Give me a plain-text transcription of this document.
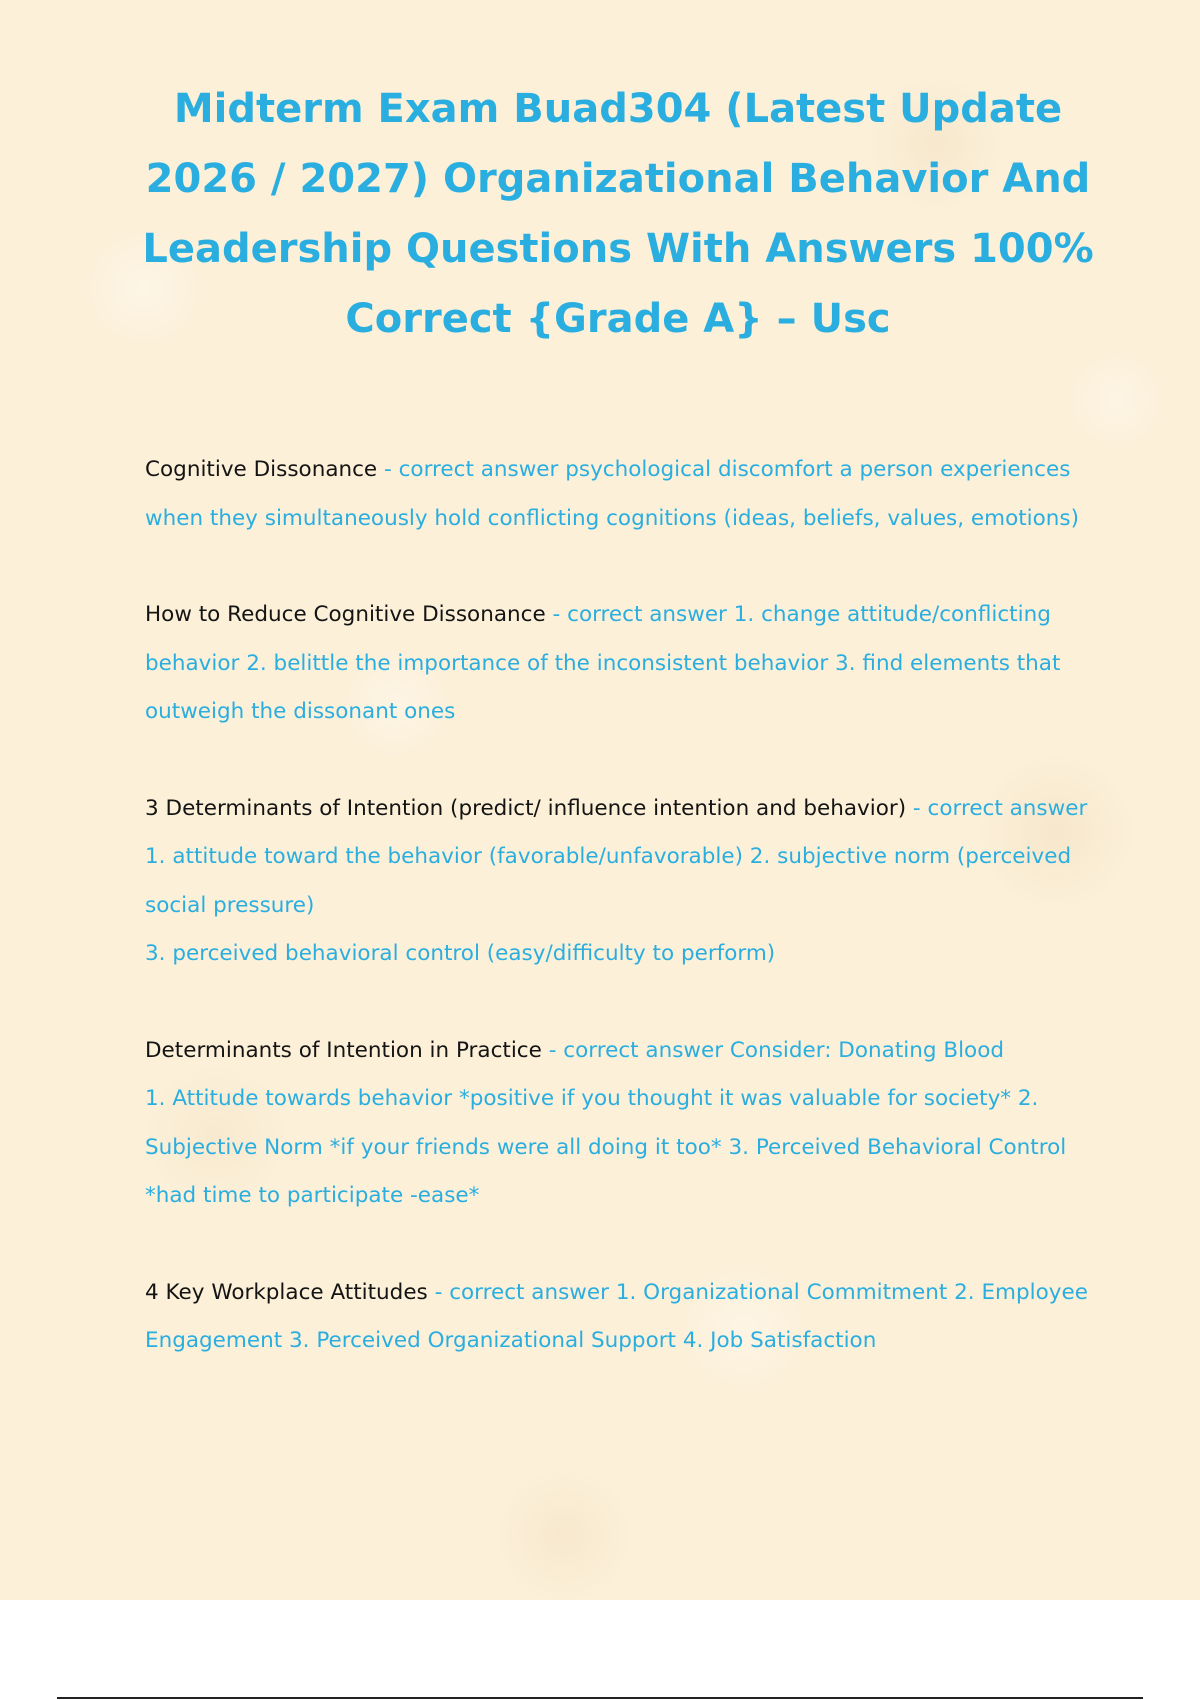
Midterm Exam Buad304 (Latest Update 2026 / 2027) Organizational Behavior And Leadership Questions With Answers 100% Correct {Grade A} – Usc

Cognitive Dissonance - correct answer psychological discomfort a person experiences when they simultaneously hold conflicting cognitions (ideas, beliefs, values, emotions)

How to Reduce Cognitive Dissonance - correct answer 1. change attitude/conflicting behavior 2. belittle the importance of the inconsistent behavior 3. find elements that outweigh the dissonant ones

3 Determinants of Intention (predict/ influence intention and behavior) - correct answer 1. attitude toward the behavior (favorable/unfavorable) 2. subjective norm (perceived social pressure)
3. perceived behavioral control (easy/difficulty to perform)

Determinants of Intention in Practice - correct answer Consider: Donating Blood
1. Attitude towards behavior *positive if you thought it was valuable for society* 2. Subjective Norm *if your friends were all doing it too* 3. Perceived Behavioral Control *had time to participate -ease*

4 Key Workplace Attitudes - correct answer 1. Organizational Commitment 2. Employee Engagement 3. Perceived Organizational Support 4. Job Satisfaction
